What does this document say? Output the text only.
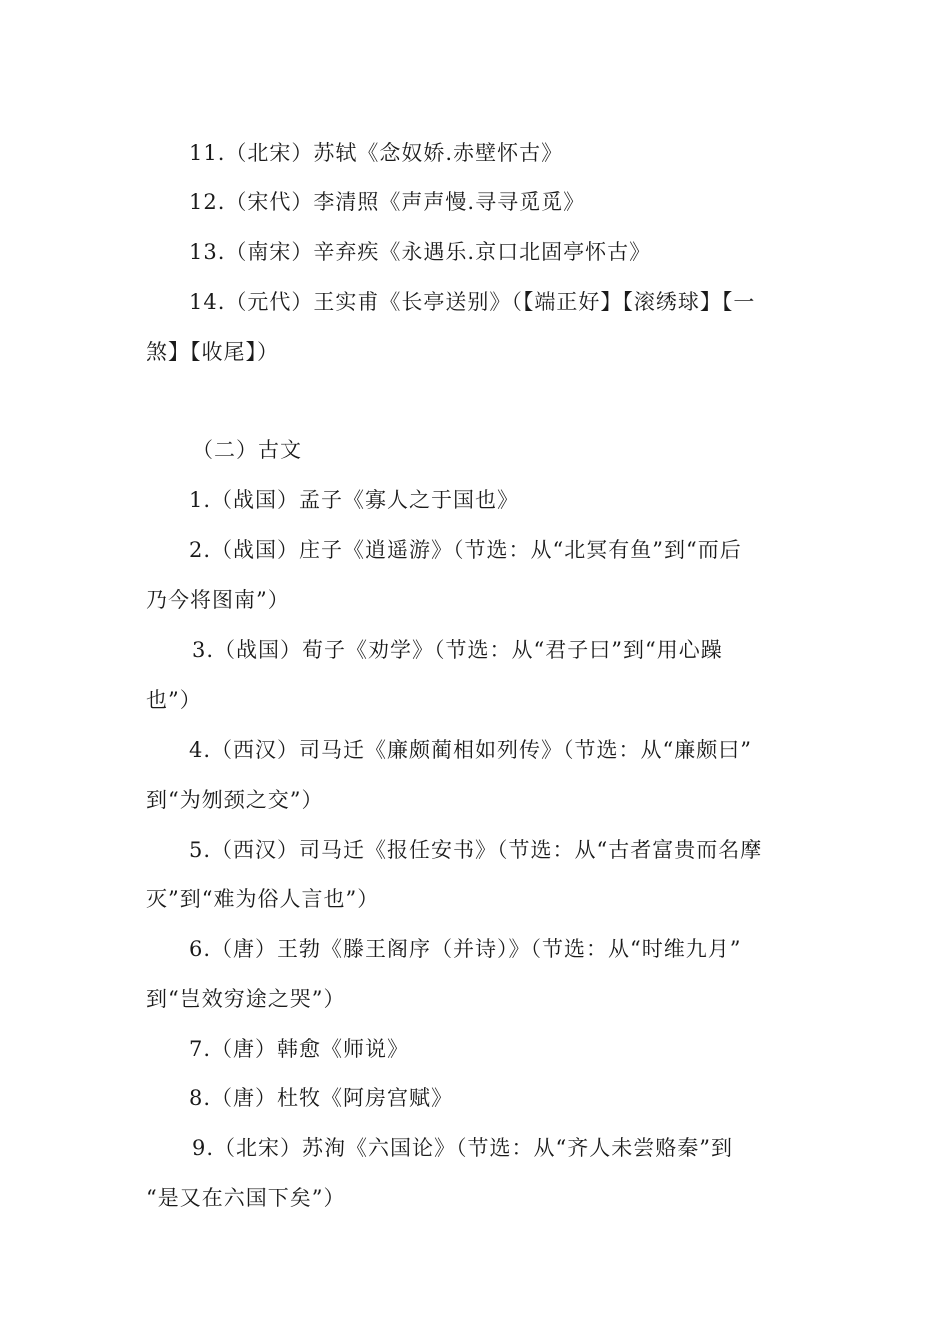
11.（北宋）苏轼《念奴娇.赤壁怀古》
12.（宋代）李清照《声声慢.寻寻觅觅》
13.（南宋）辛弃疾《永遇乐.京口北固亭怀古》
14.（元代）王实甫《长亭送别》（【端正好】【滚绣球】【一
煞】【收尾】）
（二）古文
1.（战国）孟子《寡人之于国也》
2.（战国）庄子《逍遥游》（节选：从“北冥有鱼”到“而后
乃今将图南”）
3.（战国）荀子《劝学》（节选：从“君子曰”到“用心躁
也”）
4.（西汉）司马迁《廉颇蔺相如列传》（节选：从“廉颇曰”
到“为刎颈之交”）
5.（西汉）司马迁《报任安书》（节选：从“古者富贵而名摩
灭”到“难为俗人言也”）
6.（唐）王勃《滕王阁序（并诗）》（节选：从“时维九月”
到“岂效穷途之哭”）
7.（唐）韩愈《师说》
8.（唐）杜牧《阿房宫赋》
9.（北宋）苏洵《六国论》（节选：从“齐人未尝赂秦”到
“是又在六国下矣”）
